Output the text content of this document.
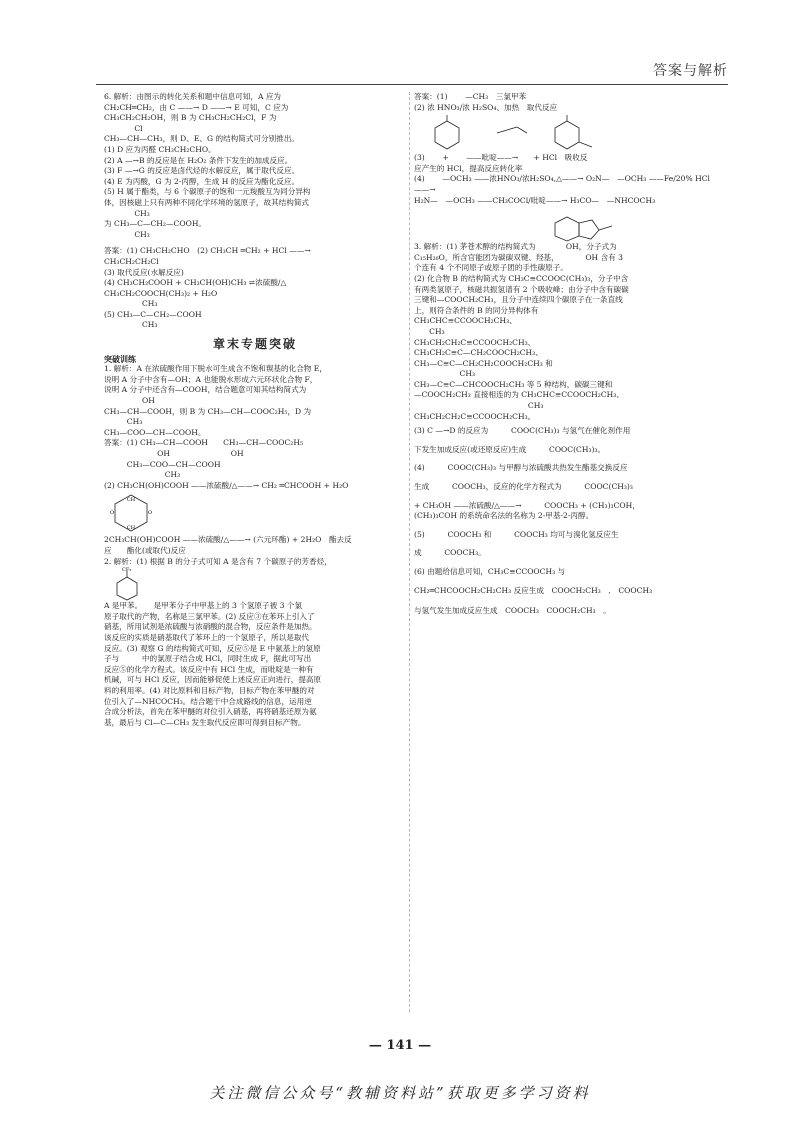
答案与解析

6. 解析：由图示的转化关系和题中信息可知，A 应为

CH₂CH═CH₂，由 C ——→ D ——→ E 可知，C 应为

CH₃CH₂CH₂OH，则 B 为 CH₃CH₂CH₂Cl，F 为

　　　　Cl

CH₃—CH—CH₃，则 D、E、G 的结构简式可分别推出。

(1) D 应为丙醛 CH₃CH₂CHO。

(2) A —→B 的反应是在 H₂O₂ 条件下发生的加成反应。

(3) F —→G 的反应是卤代烃的水解反应，属于取代反应。

(4) E 为丙酸，G 为 2-丙醇，生成 H 的反应为酯化反应。

(5) H 属于酯类，与 6 个碳原子的饱和一元羧酸互为同分异构

体，因核磁上只有两种不同化学环境的氢原子，故其结构简式

　　　　CH₃

为 CH₃—C—CH₂—COOH。

　　　　CH₃

答案：(1) CH₃CH₂CHO　(2) CH₃CH ═CH₂ + HCl ——→

CH₃CH₂CH₂Cl

(3) 取代反应(水解反应)

(4) CH₃CH₂COOH + CH₃CH(OH)CH₃ ⇌浓硫酸/△

CH₃CH₂COOCH(CH₃)₂ + H₂O

　　　　　CH₃

(5) CH₃—C—CH₂—COOH

　　　　　CH₃

章末专题突破
突破训练

1. 解析：A 在浓硫酸作用下脱水可生成含不饱和羰基的化合物 E，

说明 A 分子中含有—OH；A 也能脱水形成六元环状化合物 F，

说明 A 分子中还含有—COOH，结合题意可知其结构简式为

　　　　　OH

CH₃—CH—COOH，则 B 为 CH₃—CH—COOC₂H₅，D 为

　　　CH₃

CH₃—COO—CH—COOH。

答案：(1) CH₃—CH—COOH　　CH₃—CH—COOC₂H₅

　　　　　　　OH　　　　　　　　OH

　　　CH₃—COO—CH—COOH

　　　　　　　　CH₃

(2) CH₃CH(OH)COOH ——浓硫酸/△——→ CH₂ ═CHCOOH + H₂O

CH
CH
O	O

2CH₃CH(OH)COOH ——浓硫酸/△——→ (六元环酯) + 2H₂O　酯去反

应　　酯化(或取代)反应

2. 解析：(1) 根据 B 的分子式可知 A 是含有 7 个碳原子的芳香烃，

CF₃

A 是甲苯。　　是甲苯分子中甲基上的 3 个氢原子被 3 个氯

原子取代的产物，名称是三氯甲苯。(2) 反应③在苯环上引入了

硝基，所用试剂是浓硫酸与浓硝酸的混合物，反应条件是加热。

该反应的实质是硝基取代了苯环上的一个氢原子，所以是取代

反应。(3) 观察 G 的结构简式可知，反应⑤是 E 中氨基上的氢原

子与　　　中的氯原子结合成 HCl，同时生成 F，据此可写出

反应⑤的化学方程式。该反应中有 HCl 生成，而吡啶是一种有

机碱，可与 HCl 反应，因而能够促使上述反应正向进行，提高原

料的利用率。(4) 对比原料和目标产物，目标产物在苯甲醚的对

位引入了—NHCOCH₃。结合题干中合成路线的信息，运用逆

合成分析法，首先在苯甲醚的对位引入硝基，再将硝基还原为氨

基，最后与 Cl—C—CH₃ 发生取代反应即可得到目标产物。

答案：(1) 　　—CH₃　三氯甲苯

(2) 浓 HNO₃/浓 H₂SO₄、加热　取代反应

(3) 　　+　　 ——吡啶——→　　+ HCl　吸收反

应产生的 HCl，提高反应转化率

(4) 　　—OCH₃ ——浓HNO₃/浓H₂SO₄,△——→ O₂N—　—OCH₃ ——Fe/20% HCl——→

H₂N—　—OCH₃ ——CH₃COCl/吡啶——→ H₃CO—　—NHCOCH₃

3. 解析：(1) 茅苍术醇的结构简式为　　　　OH，分子式为

C₁₅H₂₆O，所含官能团为碳碳双键、羟基，　　　　OH 含有 3

个连有 4 个不同原子或原子团的手性碳原子。

(2) 化合物 B 的结构简式为 CH₃C≡CCOOC(CH₃)₃，分子中含

有两类氢原子，核磁共振氢谱有 2 个吸收峰；由分子中含有碳碳

三键和—COOCH₂CH₃，且分子中连续四个碳原子在一条直线

上，则符合条件的 B 的同分异构体有

CH₃CHC≡CCOOCH₂CH₃、

　　CH₃

CH₃CH₂CH₂C≡CCOOCH₂CH₃、

CH₃CH₂C≡C—CH₂COOCH₂CH₃、

CH₃—C≡C—CH₂CH₂COOCH₂CH₃ 和

　　　　　　CH₃

CH₃—C≡C—CHCOOCH₂CH₃ 等 5 种结构，碳碳三键和

—COOCH₂CH₃ 直接相连的为 CH₃CHC≡CCOOCH₂CH₃、

　　　　　　　　　　　　　　　CH₃

CH₃CH₂CH₂C≡CCOOCH₂CH₃。

(3) C —→D 的反应为　　　COOC(CH₃)₃ 与氢气在催化剂作用

下发生加成反应(或还原反应)生成　　　COOC(CH₃)₃。

(4)　　　COOC(CH₃)₃ 与甲醇与浓硫酸共热发生酯基交换反应

生成　　　COOCH₃，反应的化学方程式为　　　COOC(CH₃)₃

+ CH₃OH ——浓硫酸/△——→　　　COOCH₃ + (CH₃)₃COH，

(CH₃)₃COH 的系统命名法的名称为 2-甲基-2-丙醇。

(5)　　　COOCH₃ 和　　　COOCH₃ 均可与溴化氢反应生

成　　　COOCH₃。

(6) 由题给信息可知，CH₃C≡CCOOCH₃ 与

CH₂═CHCOOCH₂CH₂CH₃ 反应生成　COOCH₂CH₃　,　COOCH₃

与氢气发生加成反应生成　COOCH₃　COOCH₂CH₃　。

— 141 —
关注微信公众号“教辅资料站”获取更多学习资料
